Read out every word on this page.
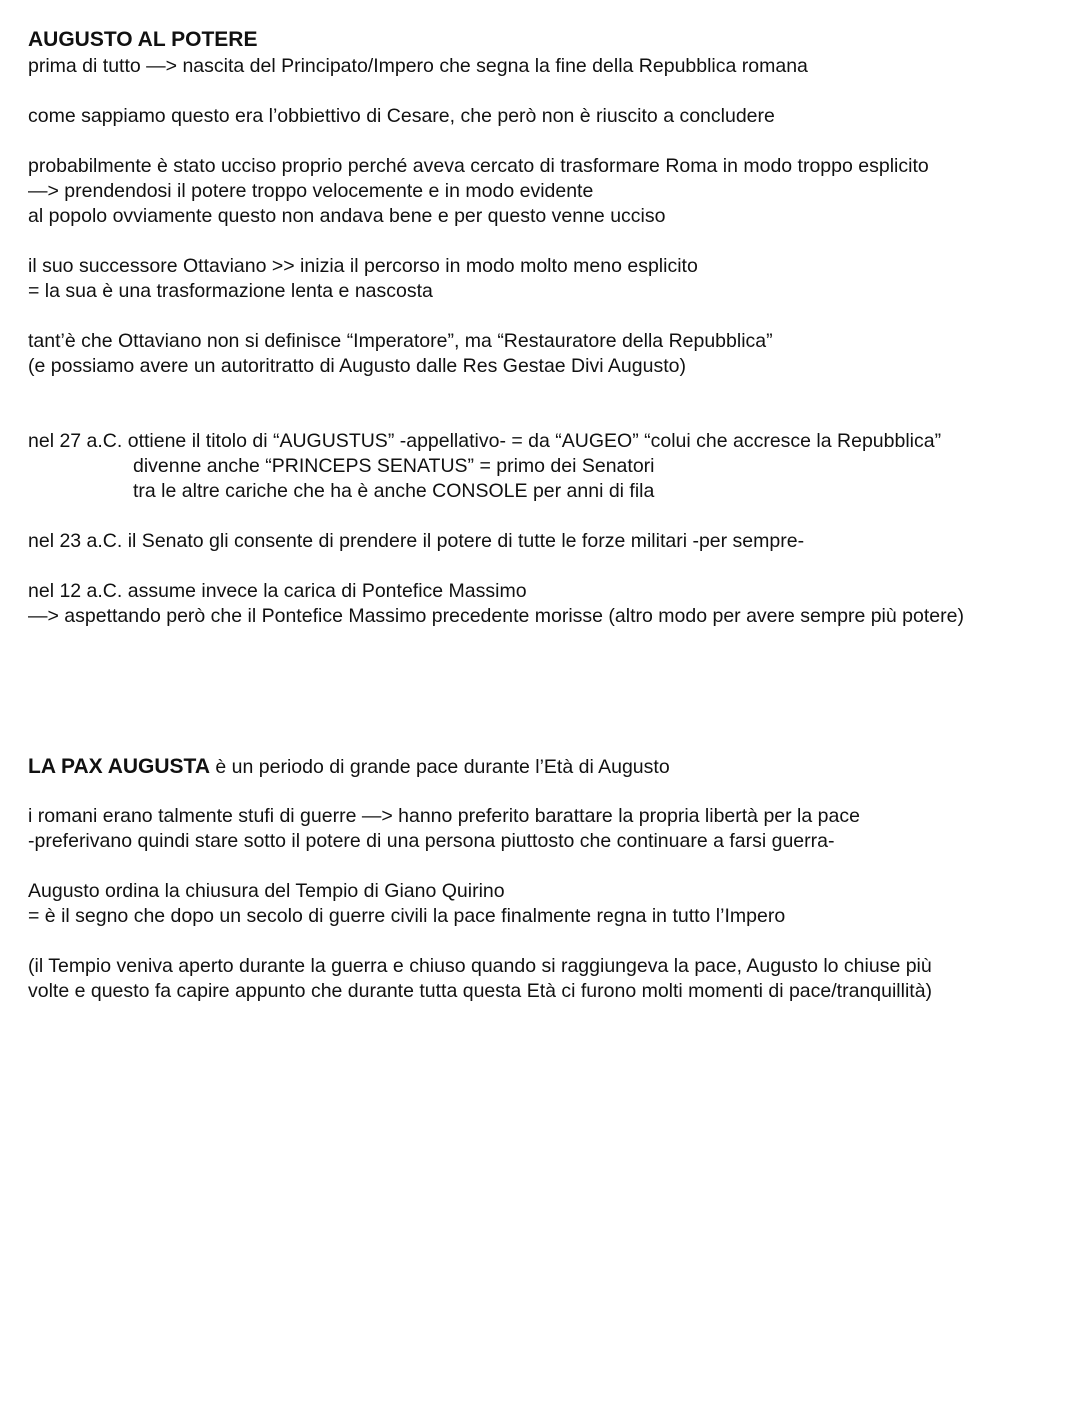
AUGUSTO AL POTERE
prima di tutto —> nascita del Principato/Impero che segna la fine della Repubblica romana
come sappiamo questo era l’obbiettivo di Cesare, che però non è riuscito a concludere
probabilmente è stato ucciso proprio perché aveva cercato di trasformare Roma in modo troppo esplicito
—> prendendosi il potere troppo velocemente e in modo evidente
al popolo ovviamente questo non andava bene e per questo venne ucciso
il suo successore Ottaviano >> inizia il percorso in modo molto meno esplicito
= la sua è una trasformazione lenta e nascosta
tant’è che Ottaviano non si definisce “Imperatore”, ma “Restauratore della Repubblica”
(e possiamo avere un autoritratto di Augusto dalle Res Gestae Divi Augusto)
nel 27 a.C. ottiene il titolo di “AUGUSTUS” -appellativo- = da “AUGEO” “colui che accresce la Repubblica”
divenne anche “PRINCEPS SENATUS” = primo dei Senatori
tra le altre cariche che ha è anche CONSOLE per anni di fila
nel 23 a.C. il Senato gli consente di prendere il potere di tutte le forze militari -per sempre-
nel 12 a.C. assume invece la carica di Pontefice Massimo
—> aspettando però che il Pontefice Massimo precedente morisse (altro modo per avere sempre più potere)
LA PAX AUGUSTA è un periodo di grande pace durante l’Età di Augusto
i romani erano talmente stufi di guerre —> hanno preferito barattare la propria libertà per la pace
-preferivano quindi stare sotto il potere di una persona piuttosto che continuare a farsi guerra-
Augusto ordina la chiusura del Tempio di Giano Quirino
= è il segno che dopo un secolo di guerre civili la pace finalmente regna in tutto l’Impero
(il Tempio veniva aperto durante la guerra e chiuso quando si raggiungeva la pace, Augusto lo chiuse più
volte e questo fa capire appunto che durante tutta questa Età ci furono molti momenti di pace/tranquillità)
